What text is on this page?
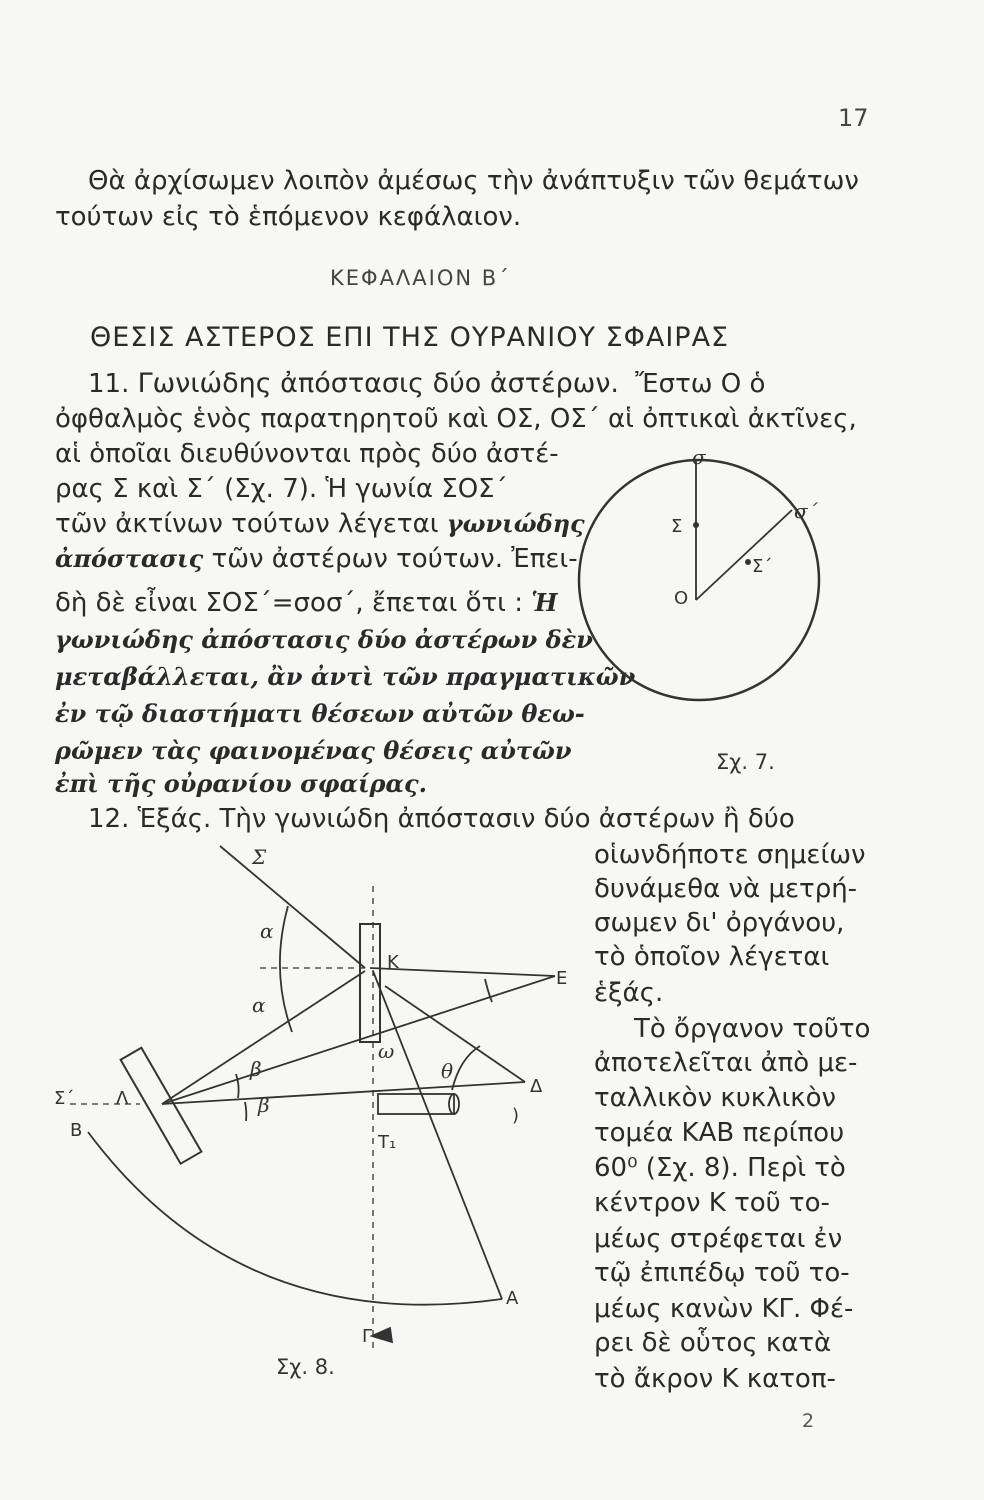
17
Θὰ ἀρχίσωμεν λοιπὸν ἀμέσως τὴν ἀνάπτυξιν τῶν θεμάτων
τούτων εἰς τὸ ἑπόμενον κεφάλαιον.
ΚΕΦΑΛΑΙΟΝ Β΄
ΘΕΣΙΣ ΑΣΤΕΡΟΣ ΕΠΙ ΤΗΣ ΟΥΡΑΝΙΟΥ ΣΦΑΙΡΑΣ
11. Γωνιώδης ἀπόστασις δύο ἀστέρων. Ἔστω Ο ὁ
ὀφθαλμὸς ἑνὸς παρατηρητοῦ καὶ ΟΣ, ΟΣ΄ αἱ ὀπτικαὶ ἀκτῖνες,
αἱ ὁποῖαι διευθύνονται πρὸς δύο ἀστέ-
ρας Σ καὶ Σ΄ (Σχ. 7). Ἡ γωνία ΣΟΣ΄
τῶν ἀκτίνων τούτων λέγεται γωνιώδης
ἀπόστασις τῶν ἀστέρων τούτων. Ἐπει-
δὴ δὲ εἶναι ΣΟΣ΄=σοσ΄, ἔπεται ὅτι : Ἡ
γωνιώδης ἀπόστασις δύο ἀστέρων δὲν
μεταβάλλεται, ἂν ἀντὶ τῶν πραγματικῶν
ἐν τῷ διαστήματι θέσεων αὐτῶν θεω-
ρῶμεν τὰς φαινομένας θέσεις αὐτῶν
ἐπὶ τῆς οὐρανίου σφαίρας.
σ
σ΄
Σ
Σ΄
Ο
Σχ. 7.
12. Ἑξάς. Τὴν γωνιώδη ἀπόστασιν δύο ἀστέρων ἢ δύο
οἱωνδήποτε σημείων
δυνάμεθα νὰ μετρή-
σωμεν δι' ὀργάνου,
τὸ ὁποῖον λέγεται
ἑξάς.
Τὸ ὄργανον τοῦτο
ἀποτελεῖται ἀπὸ με-
ταλλικὸν κυκλικὸν
τομέα ΚΑΒ περίπου
60⁰ (Σχ. 8). Περὶ τὸ
κέντρον Κ τοῦ το-
μέως στρέφεται ἐν
τῷ ἐπιπέδῳ τοῦ το-
μέως κανὼν ΚΓ. Φέ-
ρει δὲ οὗτος κατὰ
τὸ ἄκρον Κ κατοπ-
Σ
Κ
Ε
α
α
ω
θ
β
β
Δ
)
Λ
Σ΄
Τ₁
Β
Α
Γ
Σχ. 8.
2
